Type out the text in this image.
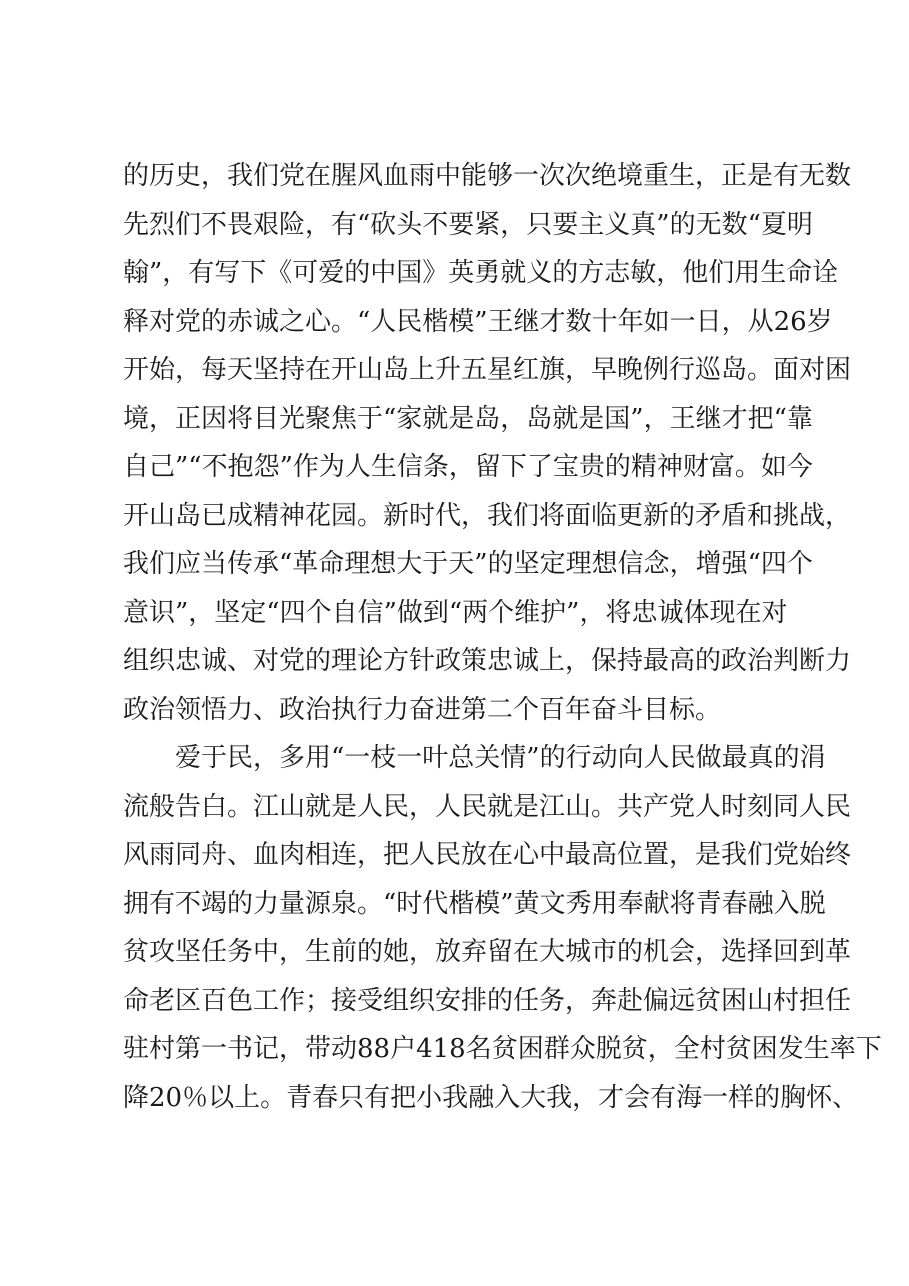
的历史，我们党在腥风血雨中能够一次次绝境重生，正是有无数
先烈们不畏艰险，有“砍头不要紧，只要主义真”的无数“夏明
翰”，有写下《可爱的中国》英勇就义的方志敏，他们用生命诠
释对党的赤诚之心。“人民楷模”王继才数十年如一日，从26岁
开始，每天坚持在开山岛上升五星红旗，早晚例行巡岛。面对困
境，正因将目光聚焦于“家就是岛，岛就是国”，王继才把“靠
自己”“不抱怨”作为人生信条，留下了宝贵的精神财富。如今
开山岛已成精神花园。新时代，我们将面临更新的矛盾和挑战，
我们应当传承“革命理想大于天”的坚定理想信念，增强“四个
意识”，坚定“四个自信”做到“两个维护”，将忠诚体现在对
组织忠诚、对党的理论方针政策忠诚上，保持最高的政治判断力
政治领悟力、政治执行力奋进第二个百年奋斗目标。
爱于民，多用“一枝一叶总关情”的行动向人民做最真的涓
流般告白。江山就是人民，人民就是江山。共产党人时刻同人民
风雨同舟、血肉相连，把人民放在心中最高位置，是我们党始终
拥有不竭的力量源泉。“时代楷模”黄文秀用奉献将青春融入脱
贫攻坚任务中，生前的她，放弃留在大城市的机会，选择回到革
命老区百色工作；接受组织安排的任务，奔赴偏远贫困山村担任
驻村第一书记，带动88户418名贫困群众脱贫，全村贫困发生率下
降20％以上。青春只有把小我融入大我，才会有海一样的胸怀、
